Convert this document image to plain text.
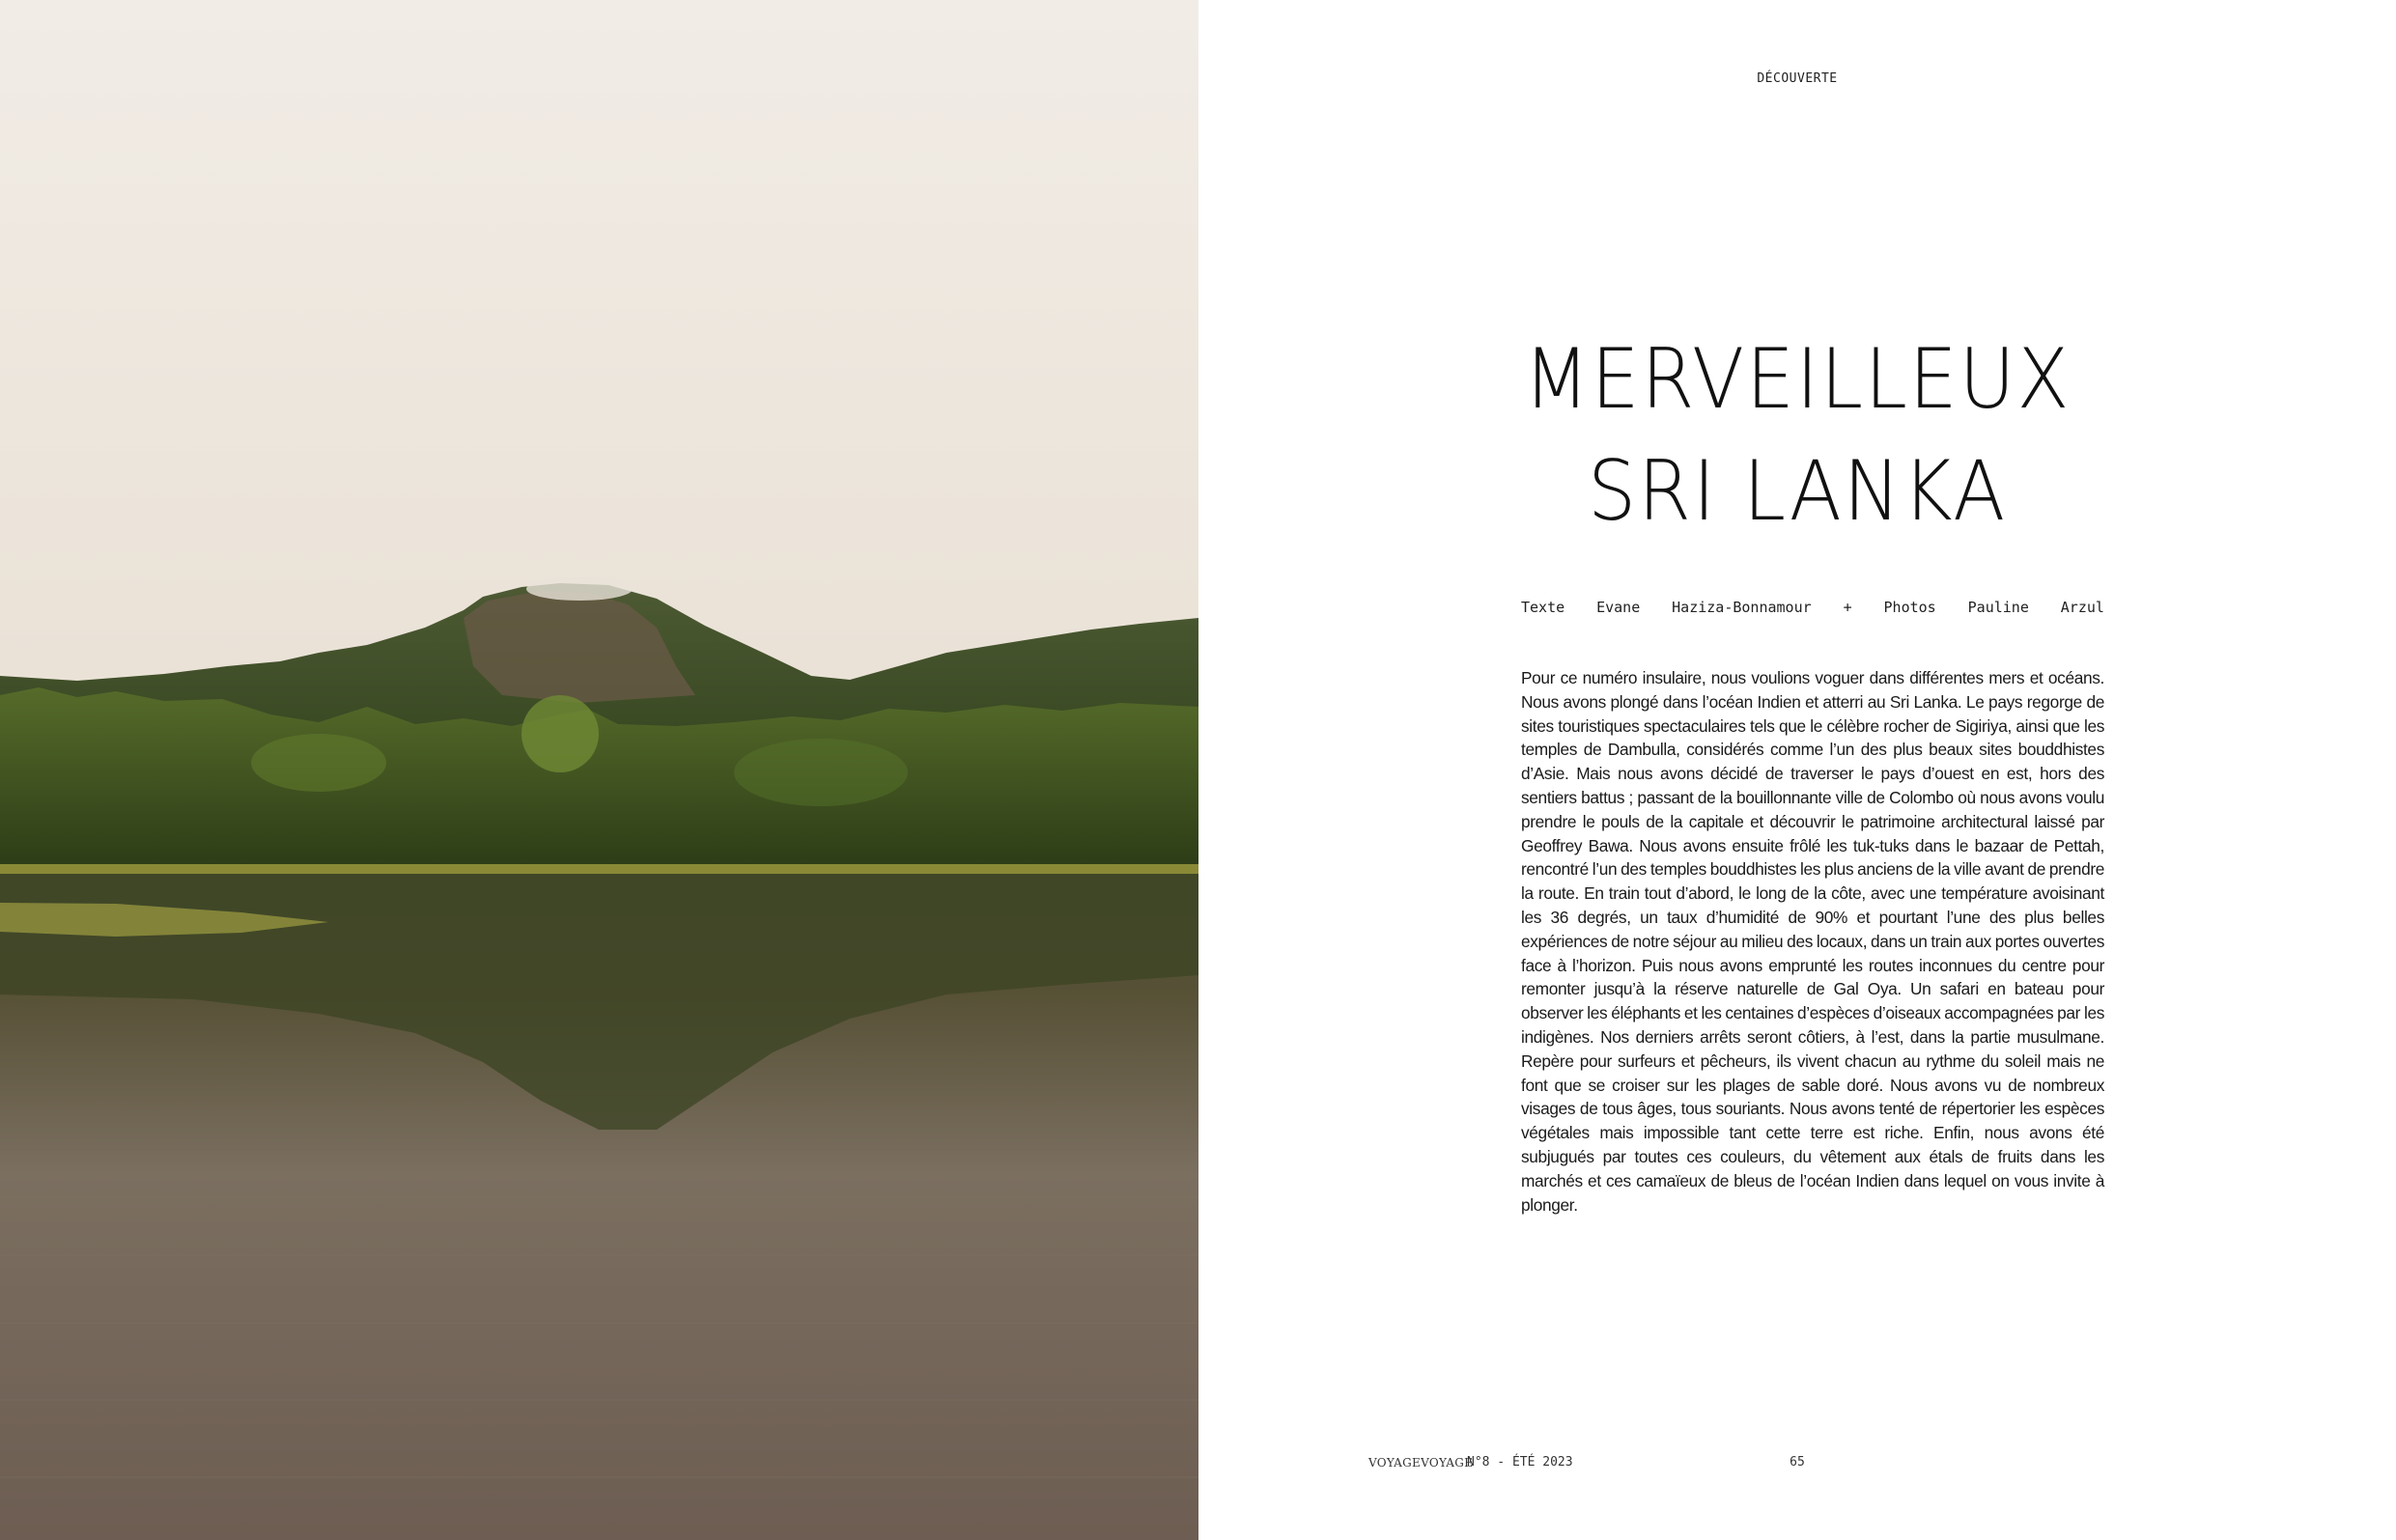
DÉCOUVERTE
MERVEILLEUX
SRI LANKA
Texte Evane Haziza-Bonnamour + Photos Pauline Arzul

Pour ce numéro insulaire, nous voulions voguer dans différentes mers et océans. Nous avons plongé dans l’océan Indien et atterri au Sri Lanka. Le pays regorge de sites touristiques spectaculaires tels que le célèbre rocher de Sigiriya, ainsi que les temples de Dambulla, considérés comme l’un des plus beaux sites bouddhistes d’Asie. Mais nous avons décidé de traverser le pays d’ouest en est, hors des sentiers battus ; passant de la bouillonnante ville de Colombo où nous avons voulu prendre le pouls de la capitale et découvrir le patrimoine architectural laissé par Geoffrey Bawa. Nous avons ensuite frôlé les tuk-tuks dans le bazaar de Pettah, rencontré l’un des temples bouddhistes les plus anciens de la ville avant de prendre la route. En train tout d’abord, le long de la côte, avec une température avoisinant les 36 degrés, un taux d’humidité de 90% et pourtant l’une des plus belles expériences de notre séjour au milieu des locaux, dans un train aux portes ouvertes face à l’horizon. Puis nous avons emprunté les routes inconnues du centre pour remonter jusqu’à la réserve naturelle de Gal Oya. Un safari en bateau pour observer les éléphants et les centaines d’espèces d’oiseaux accompagnées par les indigènes. Nos derniers arrêts seront côtiers, à l’est, dans la partie musulmane. Repère pour surfeurs et pêcheurs, ils vivent chacun au rythme du soleil mais ne font que se croiser sur les plages de sable doré. Nous avons vu de nombreux visages de tous âges, tous souriants. Nous avons tenté de répertorier les espèces végétales mais impossible tant cette terre est riche. Enfin, nous avons été subjugués par toutes ces couleurs, du vêtement aux étals de fruits dans les marchés et ces camaïeux de bleus de l’océan Indien dans lequel on vous invite à plonger.

VOYAGEVOYAGE
N°8 - ÉTÉ 2023	65
